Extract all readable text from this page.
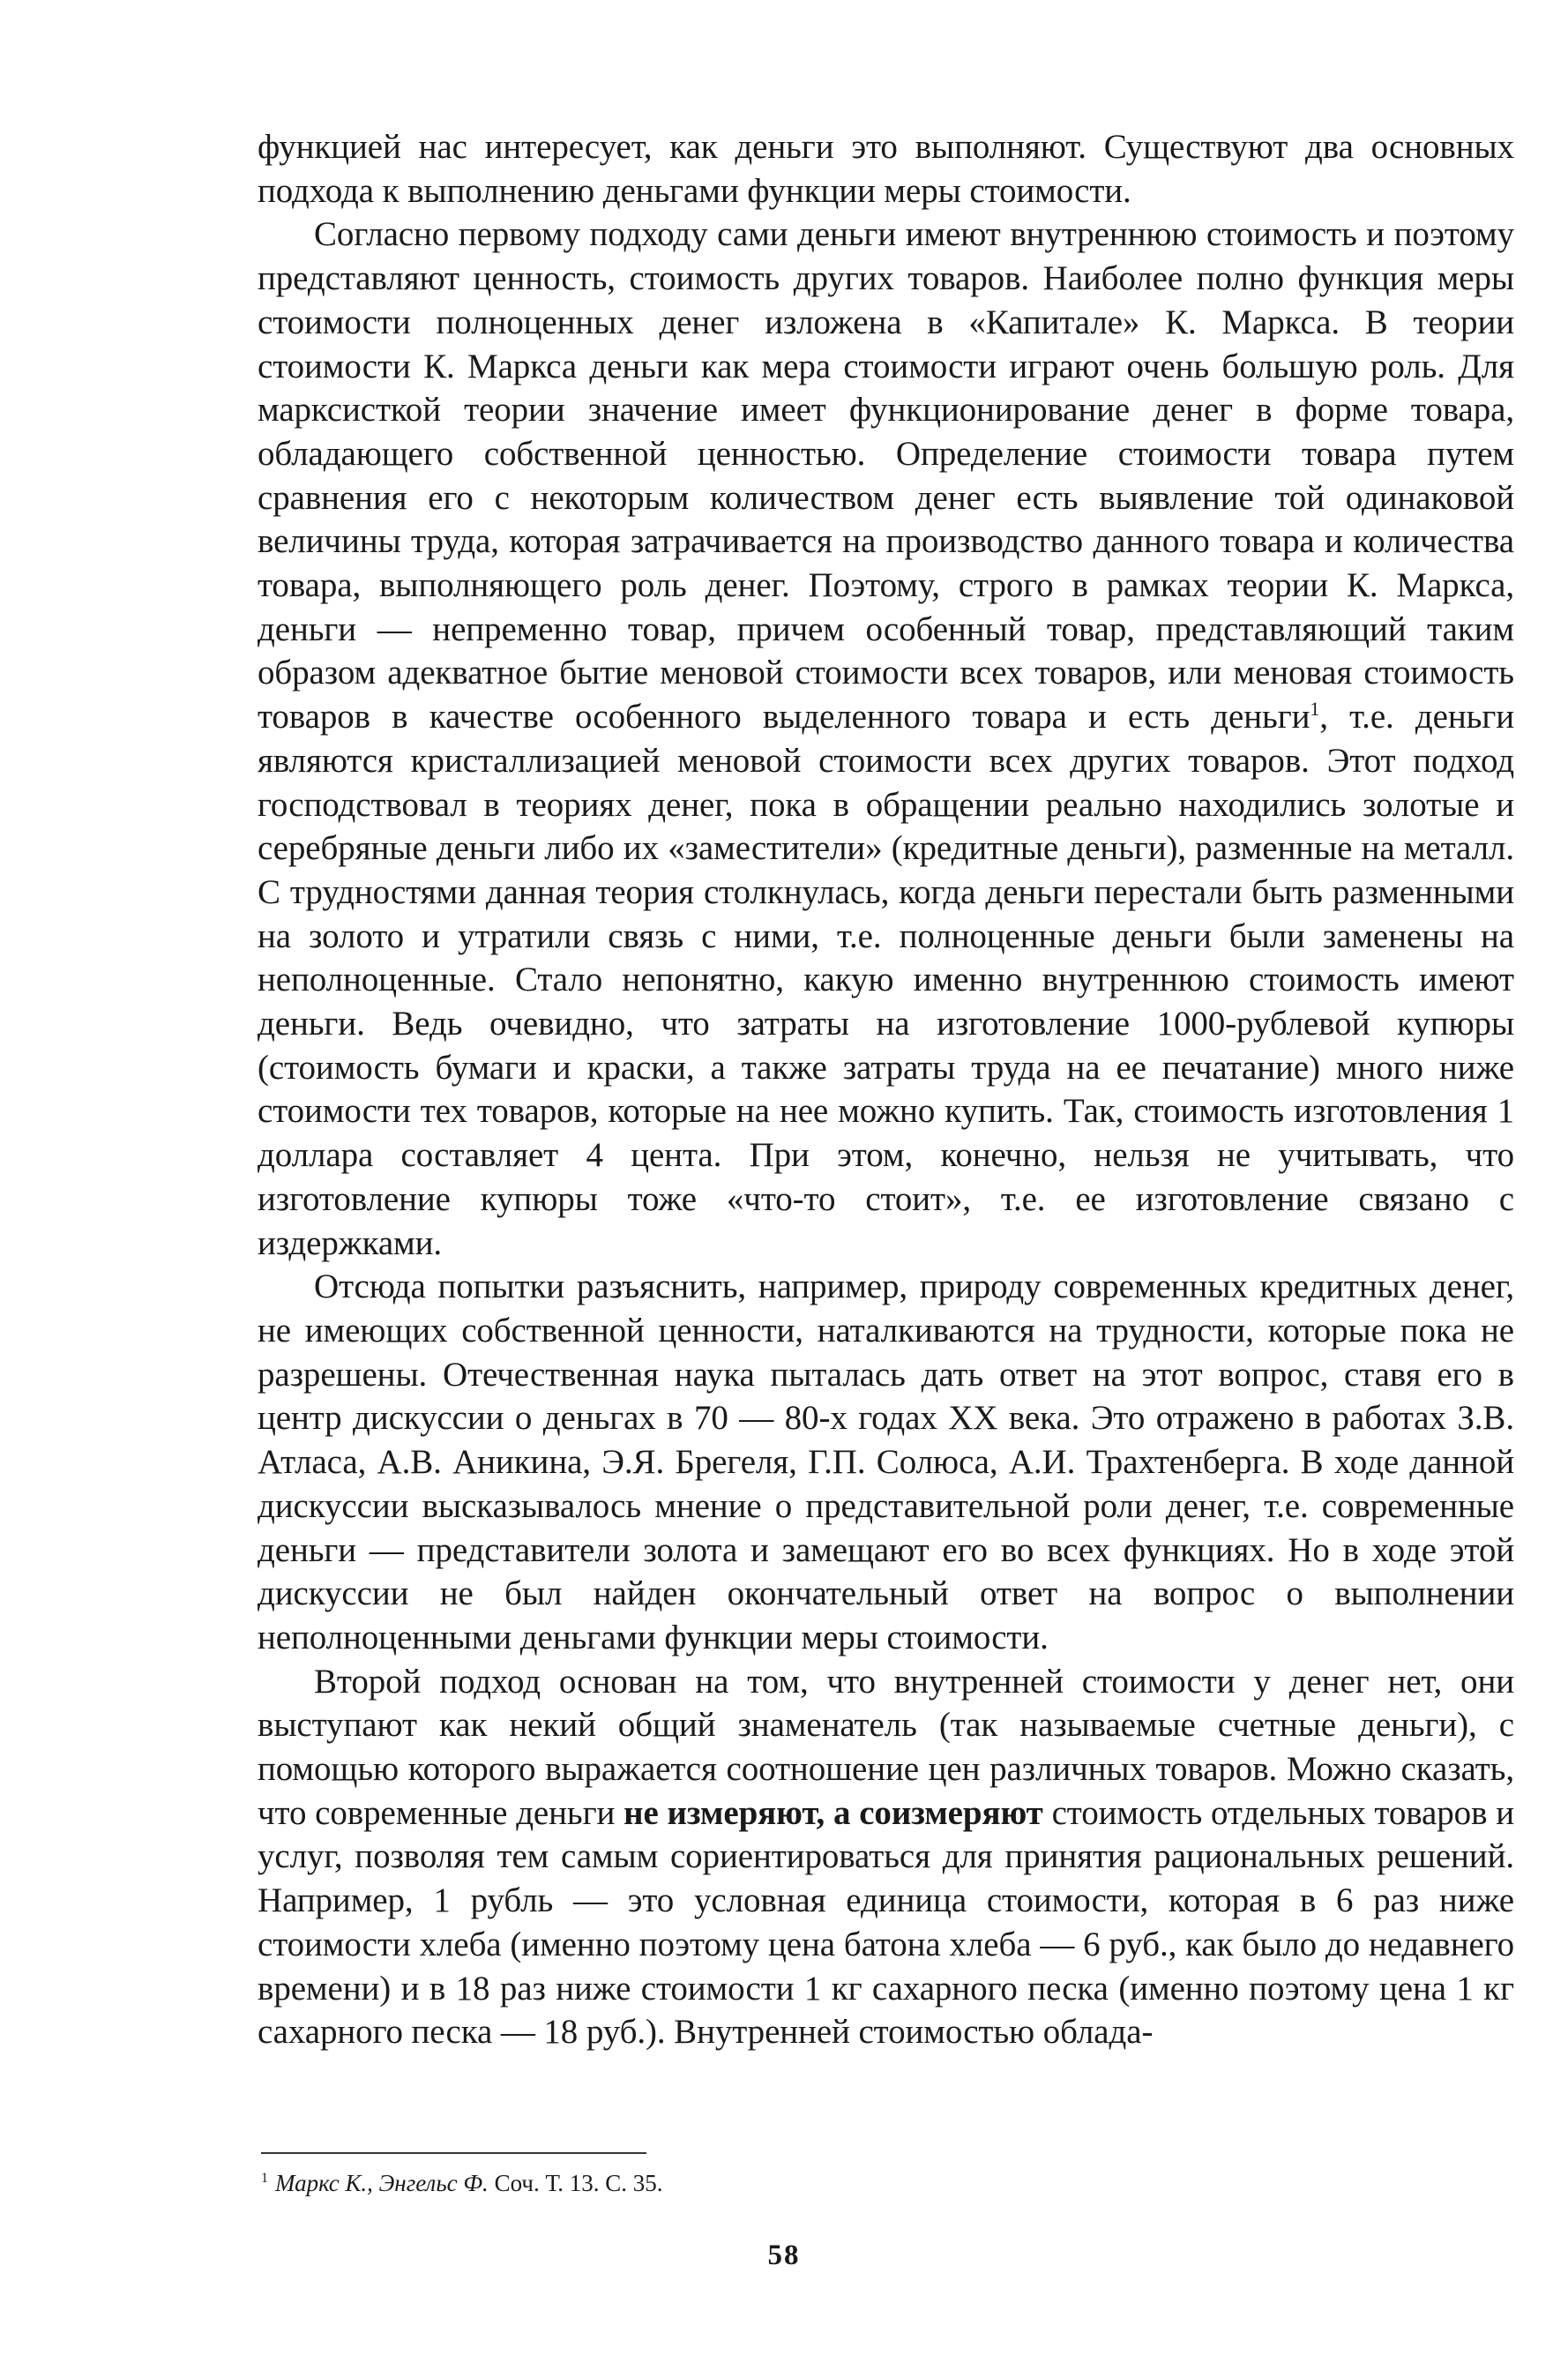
функцией нас интересует, как деньги это выполняют. Существуют два основных подхода к выполнению деньгами функции меры стоимости.

Согласно первому подходу сами деньги имеют внутреннюю стоимость и поэтому представляют ценность, стоимость других товаров. Наиболее полно функция меры стоимости полноценных денег изложена в «Капитале» К. Маркса. В теории стоимости К. Маркса деньги как мера стоимости играют очень большую роль. Для марксисткой теории значение имеет функционирование денег в форме товара, обладающего собственной ценностью. Определение стоимости товара путем сравнения его с некоторым количеством денег есть выявление той одинаковой величины труда, которая затрачивается на производство данного товара и количества товара, выполняющего роль денег. Поэтому, строго в рамках теории К. Маркса, деньги — непременно товар, причем особенный товар, представляющий таким образом адекватное бытие меновой стоимости всех товаров, или меновая стоимость товаров в качестве особенного выделенного товара и есть деньги$^1$, т.е. деньги являются кристаллизацией меновой стоимости всех других товаров. Этот подход господствовал в теориях денег, пока в обращении реально находились золотые и серебряные деньги либо их «заместители» (кредитные деньги), разменные на металл. С трудностями данная теория столкнулась, когда деньги перестали быть разменными на золото и утратили связь с ними, т.е. полноценные деньги были заменены на неполноценные. Стало непонятно, какую именно внутреннюю стоимость имеют деньги. Ведь очевидно, что затраты на изготовление 1000-рублевой купюры (стоимость бумаги и краски, а также затраты труда на ее печатание) много ниже стоимости тех товаров, которые на нее можно купить. Так, стоимость изготовления 1 доллара составляет 4 цента. При этом, конечно, нельзя не учитывать, что изготовление купюры тоже «что-то стоит», т.е. ее изготовление связано с издержками.

Отсюда попытки разъяснить, например, природу современных кредитных денег, не имеющих собственной ценности, наталкиваются на трудности, которые пока не разрешены. Отечественная наука пыталась дать ответ на этот вопрос, ставя его в центр дискуссии о деньгах в 70 — 80-х годах XX века. Это отражено в работах З.В. Атласа, А.В. Аникина, Э.Я. Брегеля, Г.П. Солюса, А.И. Трахтенберга. В ходе данной дискуссии высказывалось мнение о представительной роли денег, т.е. современные деньги — представители золота и замещают его во всех функциях. Но в ходе этой дискуссии не был найден окончательный ответ на вопрос о выполнении неполноценными деньгами функции меры стоимости.

Второй подход основан на том, что внутренней стоимости у денег нет, они выступают как некий общий знаменатель (так называемые счетные деньги), с помощью которого выражается соотношение цен различных товаров. Можно сказать, что современные деньги не измеряют, а соизмеряют стоимость отдельных товаров и услуг, позволяя тем самым сориентироваться для принятия рациональных решений. Например, 1 рубль — это условная единица стоимости, которая в 6 раз ниже стоимости хлеба (именно поэтому цена батона хлеба — 6 руб., как было до недавнего времени) и в 18 раз ниже стоимости 1 кг сахарного песка (именно поэтому цена 1 кг сахарного песка — 18 руб.). Внутренней стоимостью облада-

$^1$ Маркс К., Энгельс Ф. Соч. Т. 13. С. 35.
58
